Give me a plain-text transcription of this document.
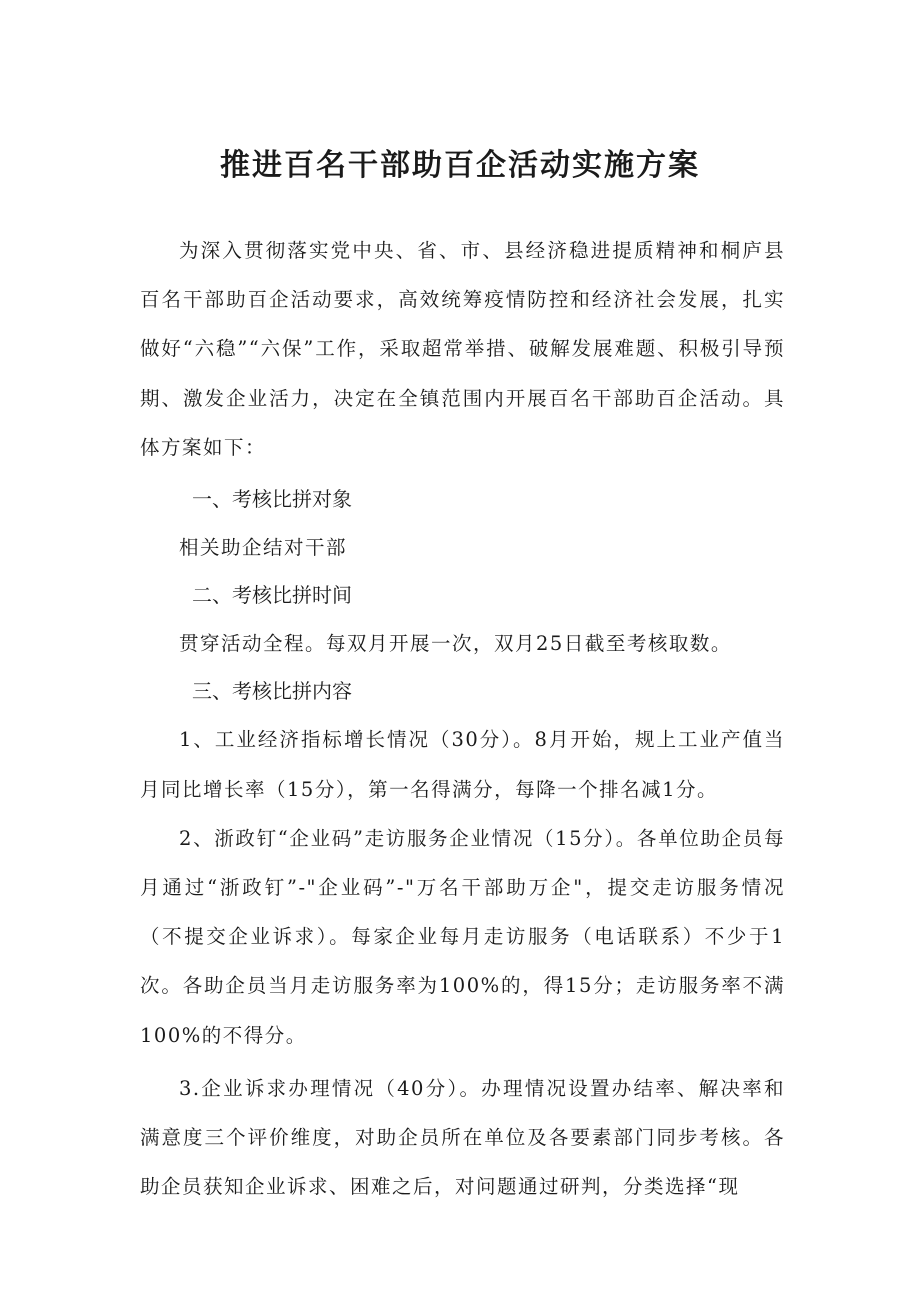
推进百名干部助百企活动实施方案

为深入贯彻落实党中央、省、市、县经济稳进提质精神和桐庐县百名干部助百企活动要求，高效统筹疫情防控和经济社会发展，扎实做好“六稳”“六保”工作，采取超常举措、破解发展难题、积极引导预期、激发企业活力，决定在全镇范围内开展百名干部助百企活动。具体方案如下：

一、考核比拼对象

相关助企结对干部

二、考核比拼时间

贯穿活动全程。每双月开展一次，双月25日截至考核取数。

三、考核比拼内容

1、工业经济指标增长情况（30分）。8月开始，规上工业产值当月同比增长率（15分），第一名得满分，每降一个排名减1分。

2、浙政钉“企业码”走访服务企业情况（15分）。各单位助企员每月通过“浙政钉”-"企业码”-"万名干部助万企"，提交走访服务情况（不提交企业诉求）。每家企业每月走访服务（电话联系）不少于1次。各助企员当月走访服务率为100%的，得15分；走访服务率不满100%的不得分。

3.企业诉求办理情况（40分）。办理情况设置办结率、解决率和满意度三个评价维度，对助企员所在单位及各要素部门同步考核。各助企员获知企业诉求、困难之后，对问题通过研判，分类选择“现
